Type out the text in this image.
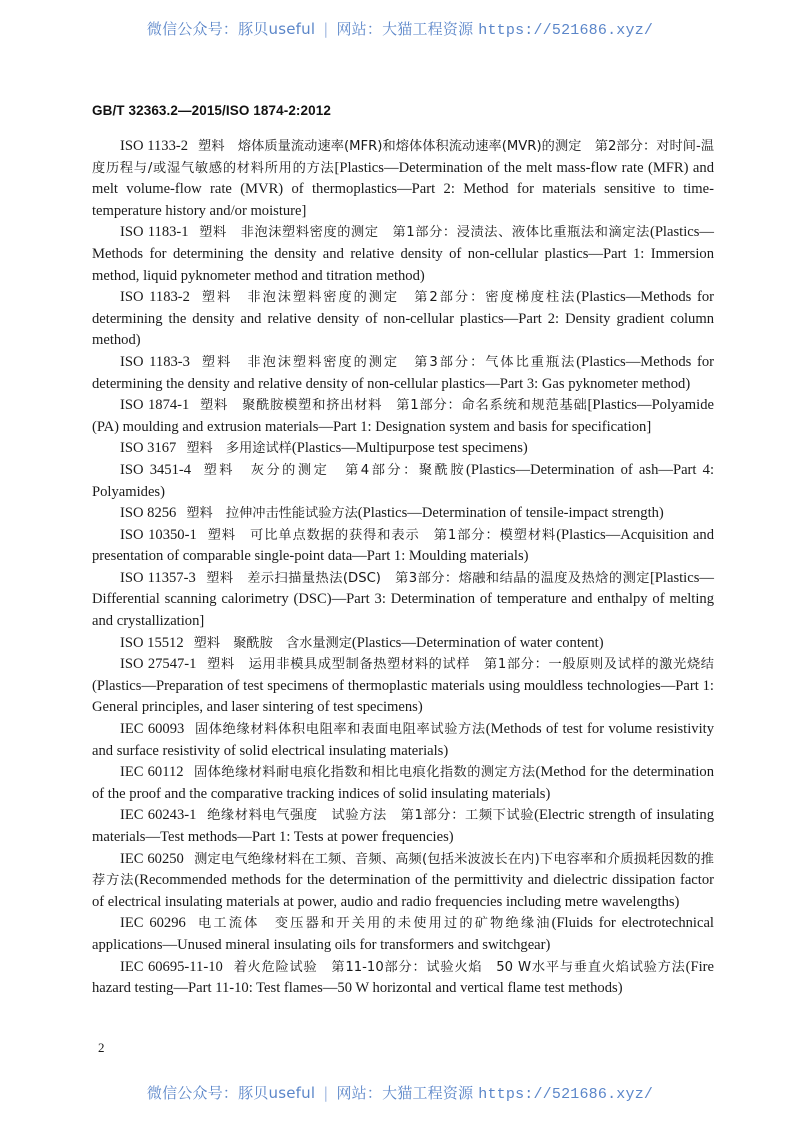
微信公众号：豚贝useful | 网站：大猫工程资源 https://521686.xyz/
GB/T 32363.2—2015/ISO 1874-2:2012

ISO 1133-2 塑料　熔体质量流动速率(MFR)和熔体体积流动速率(MVR)的测定　第2部分：对时间-温度历程与/或湿气敏感的材料所用的方法[Plastics—Determination of the melt mass-flow rate (MFR) and melt volume-flow rate (MVR) of thermoplastics—Part 2: Method for materials sensitive to time-temperature history and/or moisture]

ISO 1183-1 塑料　非泡沫塑料密度的测定　第1部分：浸渍法、液体比重瓶法和滴定法(Plastics—Methods for determining the density and relative density of non-cellular plastics—Part 1: Immersion method, liquid pyknometer method and titration method)

ISO 1183-2 塑料　非泡沫塑料密度的测定　第2部分：密度梯度柱法(Plastics—Methods for determining the density and relative density of non-cellular plastics—Part 2: Density gradient column method)

ISO 1183-3 塑料　非泡沫塑料密度的测定　第3部分：气体比重瓶法(Plastics—Methods for determining the density and relative density of non-cellular plastics—Part 3: Gas pyknometer method)

ISO 1874-1 塑料　聚酰胺模塑和挤出材料　第1部分：命名系统和规范基础[Plastics—Polyamide (PA) moulding and extrusion materials—Part 1: Designation system and basis for specification]

ISO 3167 塑料　多用途试样(Plastics—Multipurpose test specimens)

ISO 3451-4 塑料　灰分的测定　第4部分：聚酰胺(Plastics—Determination of ash—Part 4: Polyamides)

ISO 8256 塑料　拉伸冲击性能试验方法(Plastics—Determination of tensile-impact strength)

ISO 10350-1 塑料　可比单点数据的获得和表示　第1部分：模塑材料(Plastics—Acquisition and presentation of comparable single-point data—Part 1: Moulding materials)

ISO 11357-3 塑料　差示扫描量热法(DSC)　第3部分：熔融和结晶的温度及热焓的测定[Plastics—Differential scanning calorimetry (DSC)—Part 3: Determination of temperature and enthalpy of melting and crystallization]

ISO 15512 塑料　聚酰胺　含水量测定(Plastics—Determination of water content)

ISO 27547-1 塑料　运用非模具成型制备热塑材料的试样　第1部分：一般原则及试样的激光烧结(Plastics—Preparation of test specimens of thermoplastic materials using mouldless technologies—Part 1: General principles, and laser sintering of test specimens)

IEC 60093 固体绝缘材料体积电阻率和表面电阻率试验方法(Methods of test for volume resistivity and surface resistivity of solid electrical insulating materials)

IEC 60112 固体绝缘材料耐电痕化指数和相比电痕化指数的测定方法(Method for the determination of the proof and the comparative tracking indices of solid insulating materials)

IEC 60243-1 绝缘材料电气强度　试验方法　第1部分：工频下试验(Electric strength of insulating materials—Test methods—Part 1: Tests at power frequencies)

IEC 60250 测定电气绝缘材料在工频、音频、高频(包括米波波长在内)下电容率和介质损耗因数的推荐方法(Recommended methods for the determination of the permittivity and dielectric dissipation factor of electrical insulating materials at power, audio and radio frequencies including metre wavelengths)

IEC 60296 电工流体　变压器和开关用的未使用过的矿物绝缘油(Fluids for electrotechnical applications—Unused mineral insulating oils for transformers and switchgear)

IEC 60695-11-10 着火危险试验　第11-10部分：试验火焰　50 W水平与垂直火焰试验方法(Fire hazard testing—Part 11-10: Test flames—50 W horizontal and vertical flame test methods)

2
微信公众号：豚贝useful | 网站：大猫工程资源 https://521686.xyz/
